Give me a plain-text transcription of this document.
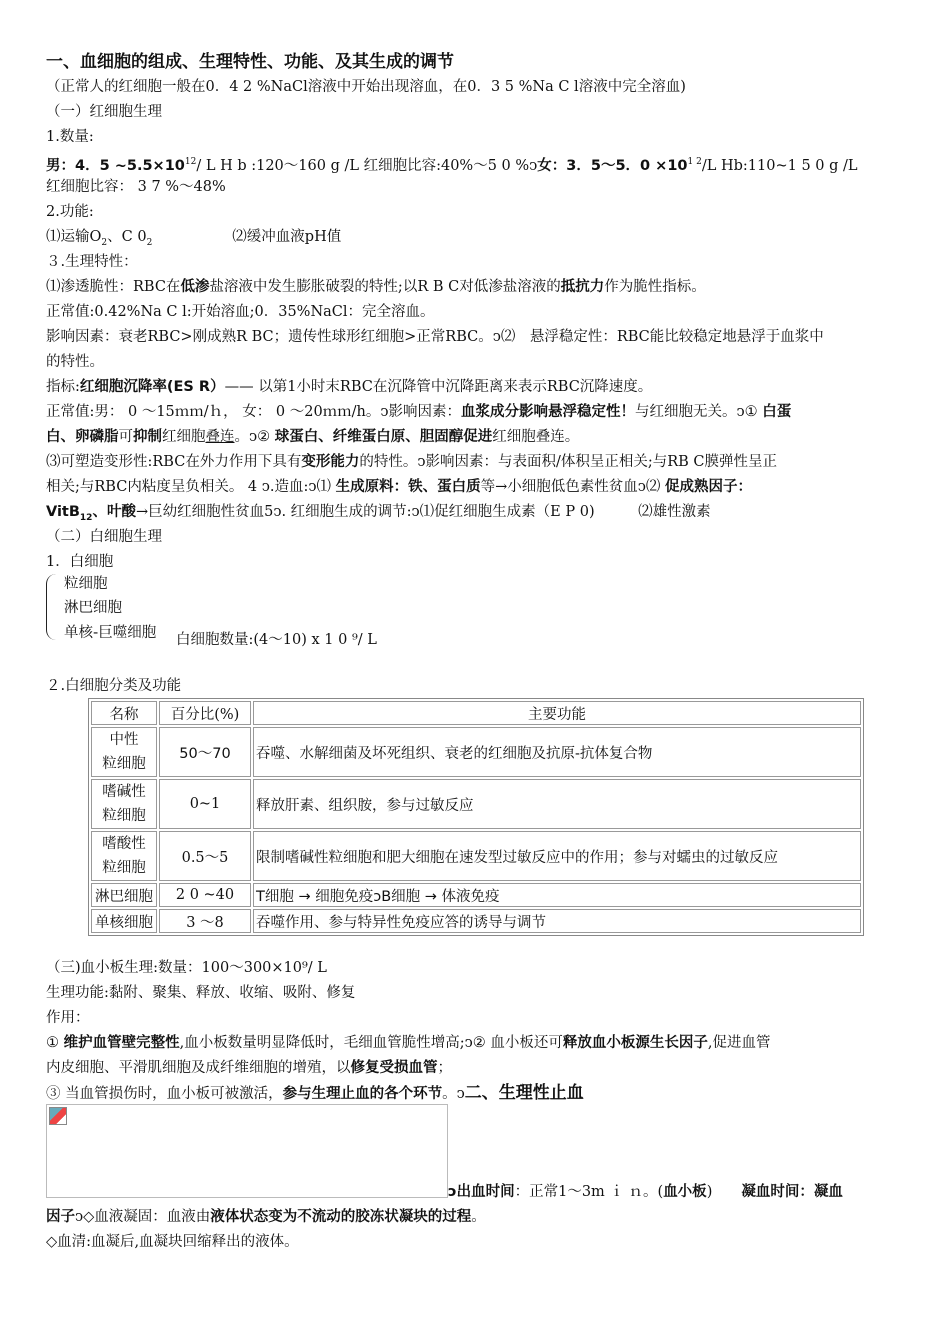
一、血细胞的组成、生理特性、功能、及其生成的调节
（正常人的红细胞一般在0．4 2 %NaCl溶液中开始出现溶血，在0．3 5 %Na C l溶液中完全溶血)
（一）红细胞生理
1.数量:
男：4．5 $\sim 5.5\times 10^{12}/$ L H b :120～160 g /L 红细胞比容:40%～5 0 %ↄ女：3．5～5．$0 \times 10^{1 2}/L$ Hb:110~1 5 0 g /L
红细胞比容： 3 7 %～48%
2.功能:
⑴运输$O_2$、C $0_2$	⑵缓冲血液pH值
３.生理特性：
⑴渗透脆性：RBC在低渗盐溶液中发生膨胀破裂的特性;以R B C对低渗盐溶液的抵抗力作为脆性指标。
正常值:0.42%Na C l:开始溶血;0．35%NaCl：完全溶血。
影响因素：衰老RBC>刚成熟R BC；遗传性球形红细胞>正常RBC。ↄ⑵　悬浮稳定性：RBC能比较稳定地悬浮于血浆中
的特性。
指标:红细胞沉降率(ES R）—— 以第1小时末RBC在沉降管中沉降距离来表示RBC沉降速度。
正常值:男： 0 ～15ｍｍ/ｈ， 女： 0 ～20ｍｍ/h。ↄ影响因素：血浆成分影响悬浮稳定性！与红细胞无关。ↄ① 白蛋
白、卵磷脂可抑制红细胞叠连。ↄ② 球蛋白、纤维蛋白原、胆固醇促进红细胞叠连。
⑶可塑造变形性:RBC在外力作用下具有变形能力的特性。ↄ影响因素：与表面积/体积呈正相关;与RB C膜弹性呈正
相关;与RBC内粘度呈负相关。 4 ↄ.造血:ↄ⑴ 生成原料：铁、蛋白质等→小细胞低色素性贫血ↄ⑵ 促成熟因子：
VitB$_{12}$、叶酸→巨幼红细胞性贫血5ↄ. 红细胞生成的调节:ↄ⑴促红细胞生成素（E P 0)　　　⑵雄性激素
（二）白细胞生理
1．白细胞
粒细胞
淋巴细胞
单核-巨噬细胞 白细胞数量:(4～10) x 1 0 ⁹/ L
２.白细胞分类及功能
名称	百分比(%)	主要功能
中性
粒细胞	50～70	吞噬、水解细菌及坏死组织、衰老的红细胞及抗原-抗体复合物
嗜碱性
粒细胞	0~1	释放肝素、组织胺，参与过敏反应
嗜酸性
粒细胞	0.5～5	限制嗜碱性粒细胞和肥大细胞在速发型过敏反应中的作用；参与对蠕虫的过敏反应
淋巴细胞	2 0 ~40	T细胞 → 细胞免疫ↄB细胞 → 体液免疫
单核细胞	3 ～8	吞噬作用、参与特异性免疫应答的诱导与调节
（三)血小板生理:数量：100～300×10⁹/ L
生理功能:黏附、聚集、释放、收缩、吸附、修复
作用：
① 维护血管壁完整性,血小板数量明显降低时，毛细血管脆性增高;ↄ② 血小板还可释放血小板源生长因子,促进血管
内皮细胞、平滑肌细胞及成纤维细胞的增殖，以修复受损血管；
③ 当血管损伤时，血小板可被激活，参与生理止血的各个环节。ↄ二、生理性止血
ↄ出血时间：正常1～3m ｉ ｎ。(血小板)　　凝血时间：凝血
因子ↄ◇血液凝固：血液由液体状态变为不流动的胶冻状凝块的过程。
◇血清:血凝后,血凝块回缩释出的液体。
